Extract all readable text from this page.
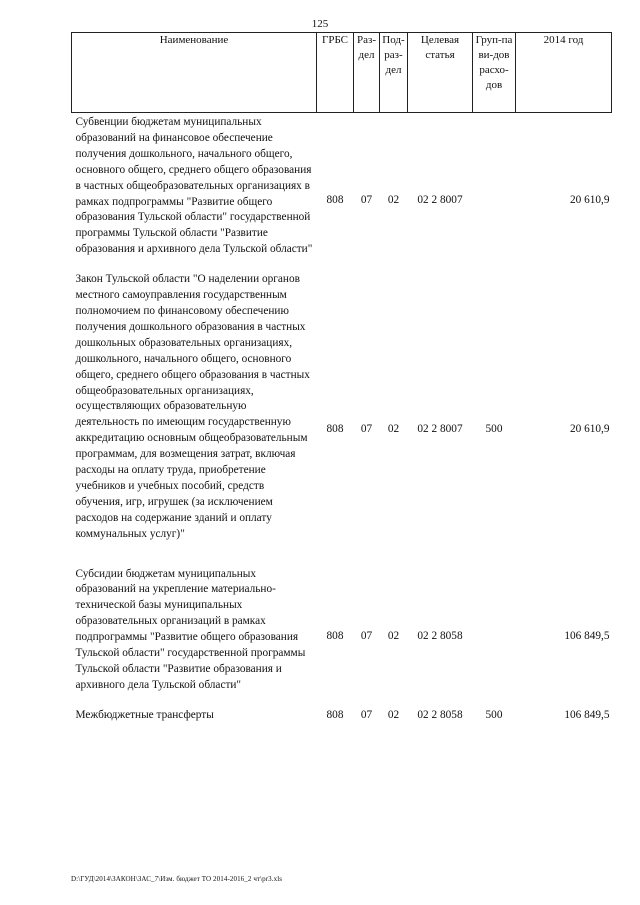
125
Наименование	ГРБС	Раз-дел	Под-раз-дел	Целевая статья	Груп-па ви-дов расхо-дов	2014 год
Субвенции бюджетам муниципальных образований на финансовое обеспечение получения дошкольного, начального общего, основного общего, среднего общего образования в частных общеобразовательных организациях в рамках подпрограммы "Развитие общего образования Тульской области" государственной программы Тульской области "Развитие образования и архивного дела Тульской области"	808	07	02	02 2 8007		20 610,9

Закон Тульской области "О наделении органов местного самоуправления государственным полномочием по финансовому обеспечению получения дошкольного образования в частных дошкольных образовательных организациях, дошкольного, начального общего, основного общего, среднего общего образования в частных общеобразовательных организациях, осуществляющих образовательную деятельность по имеющим государственную аккредитацию основным общеобразовательным программам, для возмещения затрат, включая расходы на оплату труда, приобретение учебников и учебных пособий, средств обучения, игр, игрушек (за исключением расходов на содержание зданий и оплату коммунальных услуг)"	808	07	02	02 2 8007	500	20 610,9

Субсидии бюджетам муниципальных образований на укрепление материально-технической базы муниципальных образовательных организаций в рамках подпрограммы "Развитие общего образования Тульской области" государственной программы Тульской области "Развитие образования и архивного дела Тульской области"	808	07	02	02 2 8058		106 849,5
Межбюджетные трансферты	808	07	02	02 2 8058	500	106 849,5
D:\ГУД\2014\ЗАКОН\ЗАС_7\Изм. бюджет ТО 2014-2016_2 чт\pr3.xls
